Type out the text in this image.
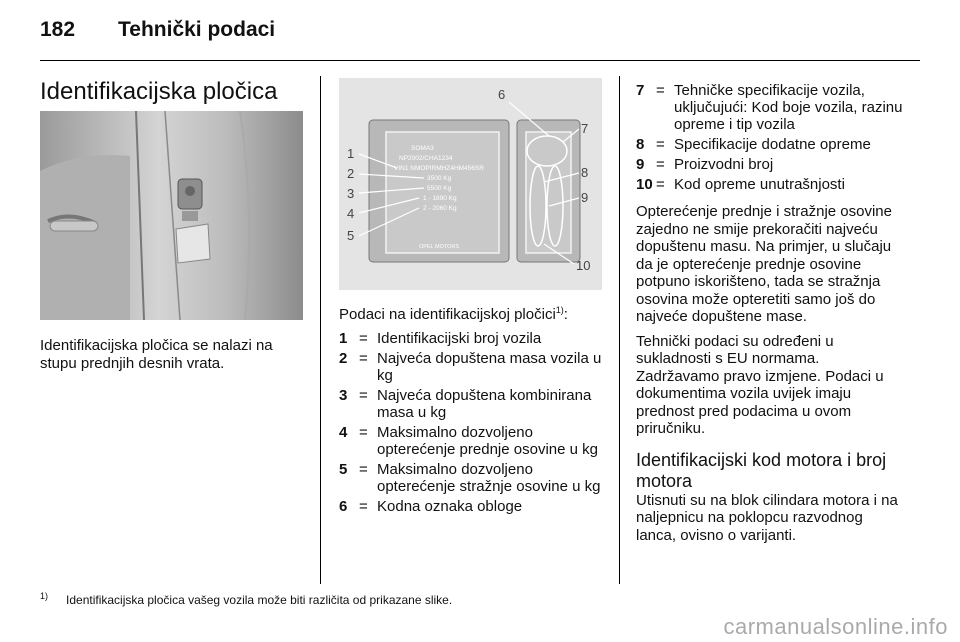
182 Tehnički podaci
Identifikacijska pločica

Identifikacijska pločica se nalazi na stupu prednjih desnih vrata.

SOMA3
NP2002/CHA1234
VIN1 NMOPIRMHZ4HM456SR
3500 Kg
5500 Kg
1 - 1890 Kg
2 - 2060 Kg
OPEL MOTORS
1
2
3
4
5
6
7
8
9
10

Podaci na identifikacijskoj pločici$^{1)}$:

1 = Identifikacijski broj vozila
2 = Najveća dopuštena masa vozila u kg
3 = Najveća dopuštena kombinirana masa u kg
4 = Maksimalno dozvoljeno opterećenje prednje osovine u kg
5 = Maksimalno dozvoljeno opterećenje stražnje osovine u kg
6 = Kodna oznaka obloge
7 = Tehničke specifikacije vozila, uključujući: Kod boje vozila, razinu opreme i tip vozila
8 = Specifikacije dodatne opreme
9 = Proizvodni broj
10 = Kod opreme unutrašnjosti

Opterećenje prednje i stražnje osovine zajedno ne smije prekoračiti najveću dopuštenu masu. Na primjer, u slučaju da je opterećenje prednje osovine potpuno iskorišteno, tada se stražnja osovina može opteretiti samo još do najveće dopuštene mase.

Tehnički podaci su određeni u sukladnosti s EU normama. Zadržavamo pravo izmjene. Podaci u dokumentima vozila uvijek imaju prednost pred podacima u ovom priručniku.

Identifikacijski kod motora i broj motora

Utisnuti su na blok cilindara motora i na naljepnicu na poklopcu razvodnog lanca, ovisno o varijanti.

$^{1)}$ Identifikacijska pločica vašeg vozila može biti različita od prikazane slike.
carmanualsonline.info
